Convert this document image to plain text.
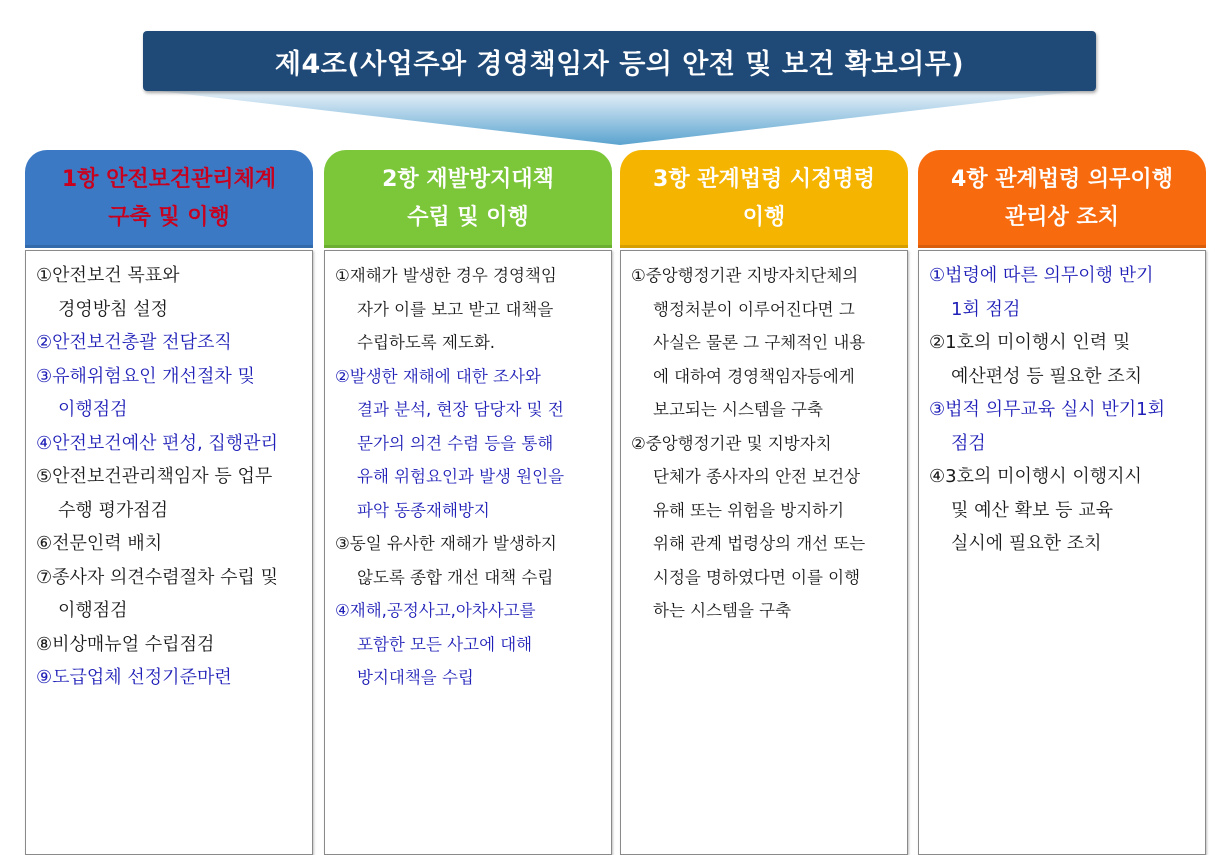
제4조(사업주와 경영책임자 등의 안전 및 보건 확보의무)
1항 안전보건관리체계
구축 및 이행

①안전보건 목표와

경영방침 설정

②안전보건총괄 전담조직

③유해위험요인 개선절차 및

이행점검

④안전보건예산 편성, 집행관리

⑤안전보건관리책임자 등 업무

수행 평가점검

⑥전문인력 배치

⑦종사자 의견수렴절차 수립 및

이행점검

⑧비상매뉴얼 수립점검

⑨도급업체 선정기준마련

2항 재발방지대책
수립 및 이행

①재해가 발생한 경우 경영책임

자가 이를 보고 받고 대책을

수립하도록 제도화.

②발생한 재해에 대한 조사와

결과 분석, 현장 담당자 및 전

문가의 의견 수렴 등을 통해

유해 위험요인과 발생 원인을

파악 동종재해방지

③동일 유사한 재해가 발생하지

않도록 종합 개선 대책 수립

④재해,공정사고,아차사고를

포함한 모든 사고에 대해

방지대책을 수립

3항 관계법령 시정명령
이행

①중앙행정기관 지방자치단체의

행정처분이 이루어진다면 그

사실은 물론 그 구체적인 내용

에 대하여 경영책임자등에게

보고되는 시스템을 구축

②중앙행정기관 및 지방자치

단체가 종사자의 안전 보건상

유해 또는 위험을 방지하기

위해 관계 법령상의 개선 또는

시정을 명하였다면 이를 이행

하는 시스템을 구축

4항 관계법령 의무이행
관리상 조치

①법령에 따른 의무이행 반기

1회 점검

②1호의 미이행시 인력 및

예산편성 등 필요한 조치

③법적 의무교육 실시 반기1회

점검

④3호의 미이행시 이행지시

및 예산 확보 등 교육

실시에 필요한 조치
